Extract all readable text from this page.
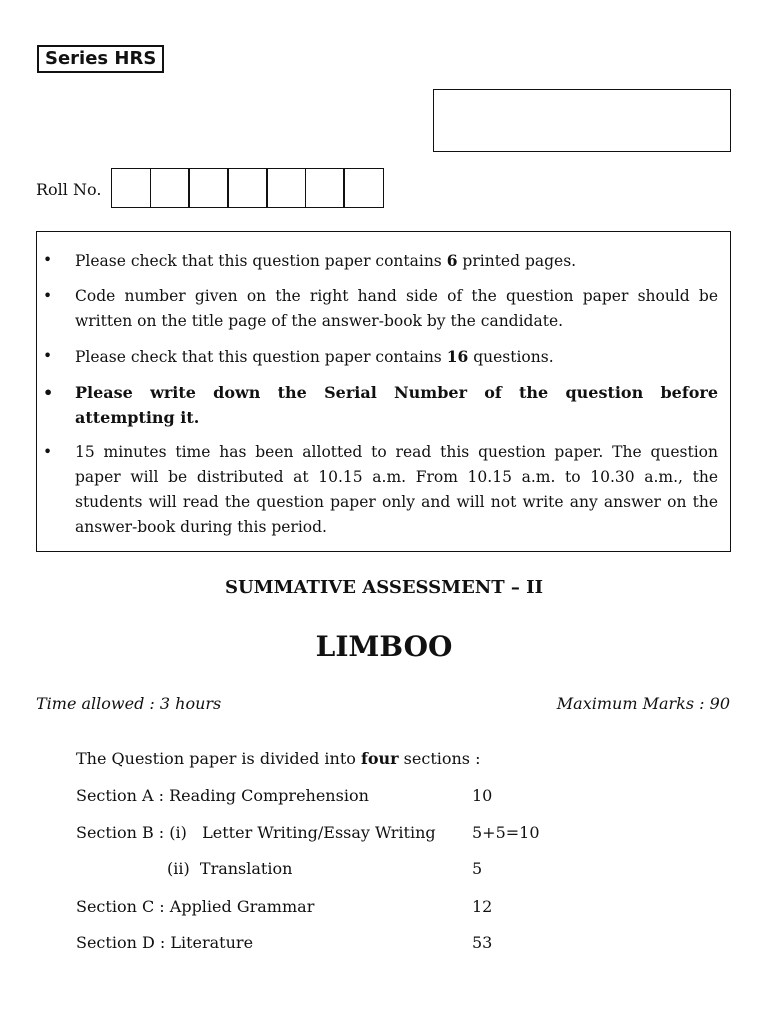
Series HRS
Roll No.
• Please check that this question paper contains 6 printed pages.
• Code number given on the right hand side of the question paper should be written on the title page of the answer-book by the candidate.
• Please check that this question paper contains 16 questions.
• Please write down the Serial Number of the question before attempting it.
• 15 minutes time has been allotted to read this question paper. The question paper will be distributed at 10.15 a.m. From 10.15 a.m. to 10.30 a.m., the students will read the question paper only and will not write any answer on the answer-book during this period.
SUMMATIVE ASSESSMENT – II
LIMBOO
Time allowed : 3 hours	Maximum Marks : 90
The Question paper is divided into four sections :
Section A : Reading Comprehension	10
Section B : (i)   Letter Writing/Essay Writing 5+5=10
(ii)  Translation	5
Section C : Applied Grammar	12
Section D : Literature	53
